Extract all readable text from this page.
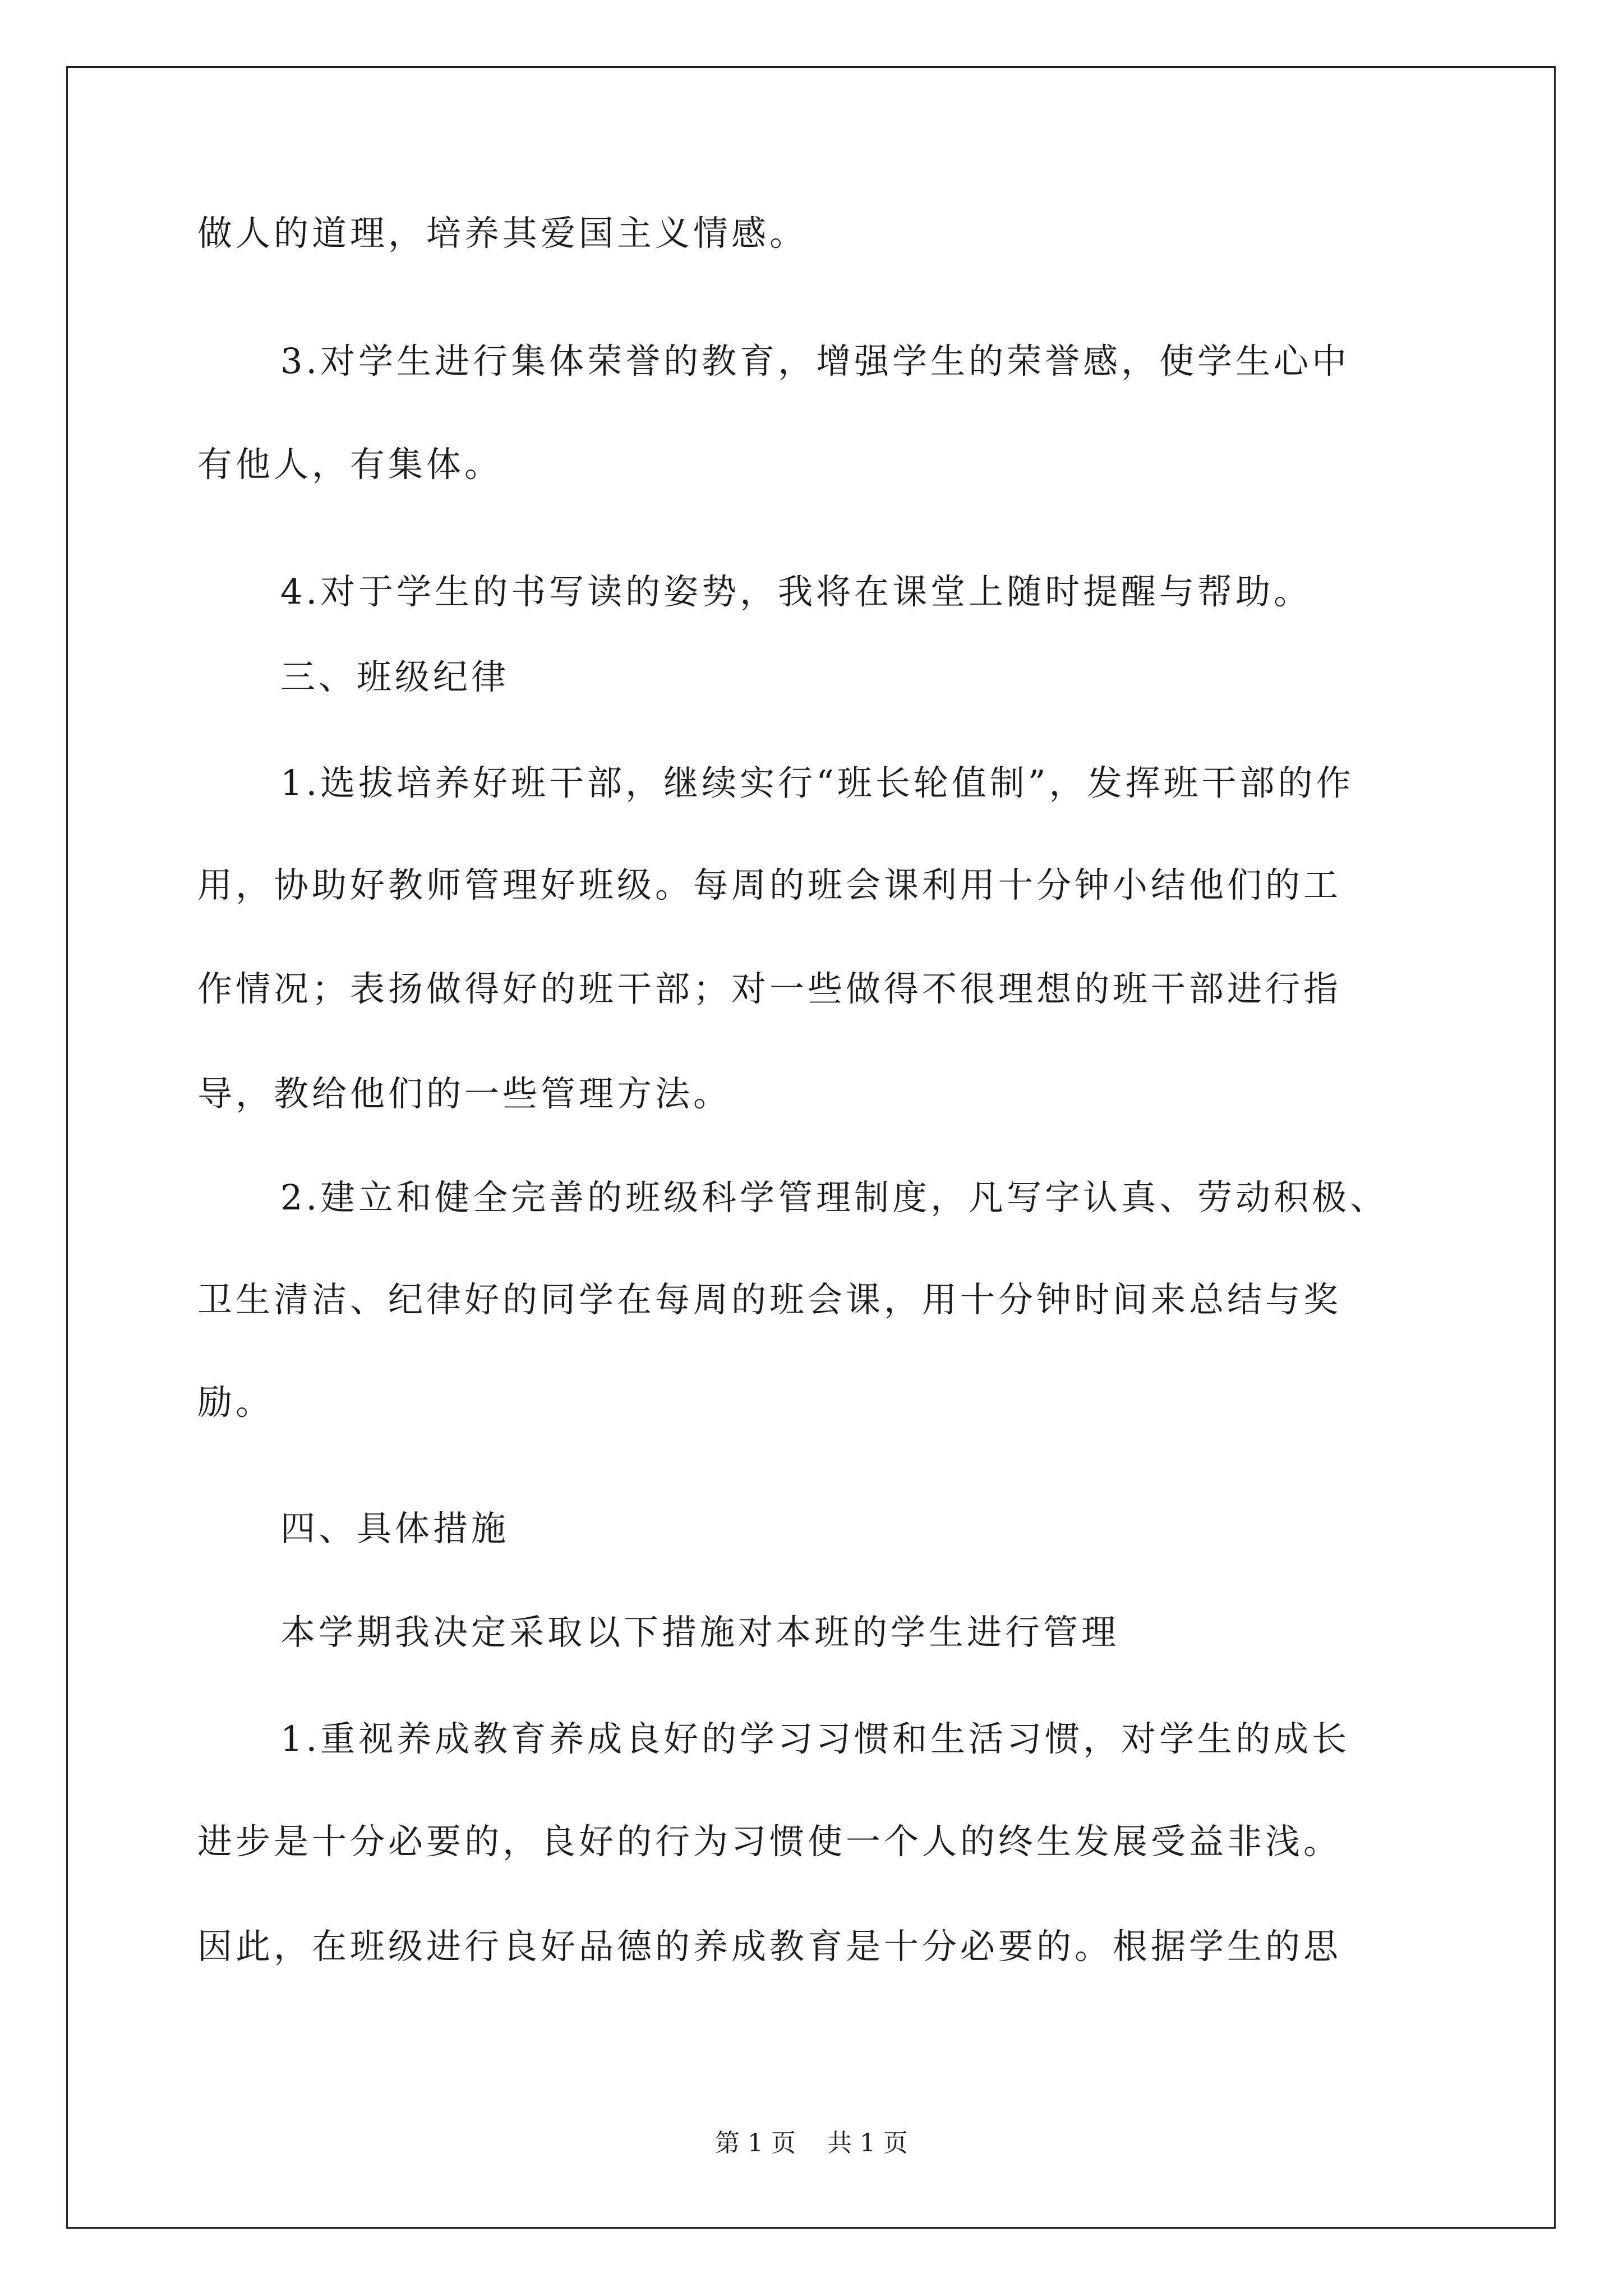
做人的道理，培养其爱国主义情感。
3.对学生进行集体荣誉的教育，增强学生的荣誉感，使学生心中
有他人，有集体。
4.对于学生的书写读的姿势，我将在课堂上随时提醒与帮助。
三、班级纪律
1.选拔培养好班干部，继续实行“班长轮值制”，发挥班干部的作
用，协助好教师管理好班级。每周的班会课利用十分钟小结他们的工
作情况；表扬做得好的班干部；对一些做得不很理想的班干部进行指
导，教给他们的一些管理方法。
2.建立和健全完善的班级科学管理制度，凡写字认真、劳动积极、
卫生清洁、纪律好的同学在每周的班会课，用十分钟时间来总结与奖
励。
四、具体措施
本学期我决定采取以下措施对本班的学生进行管理
1.重视养成教育养成良好的学习习惯和生活习惯，对学生的成长
进步是十分必要的，良好的行为习惯使一个人的终生发展受益非浅。
因此，在班级进行良好品德的养成教育是十分必要的。根据学生的思
第 1 页    共 1 页
